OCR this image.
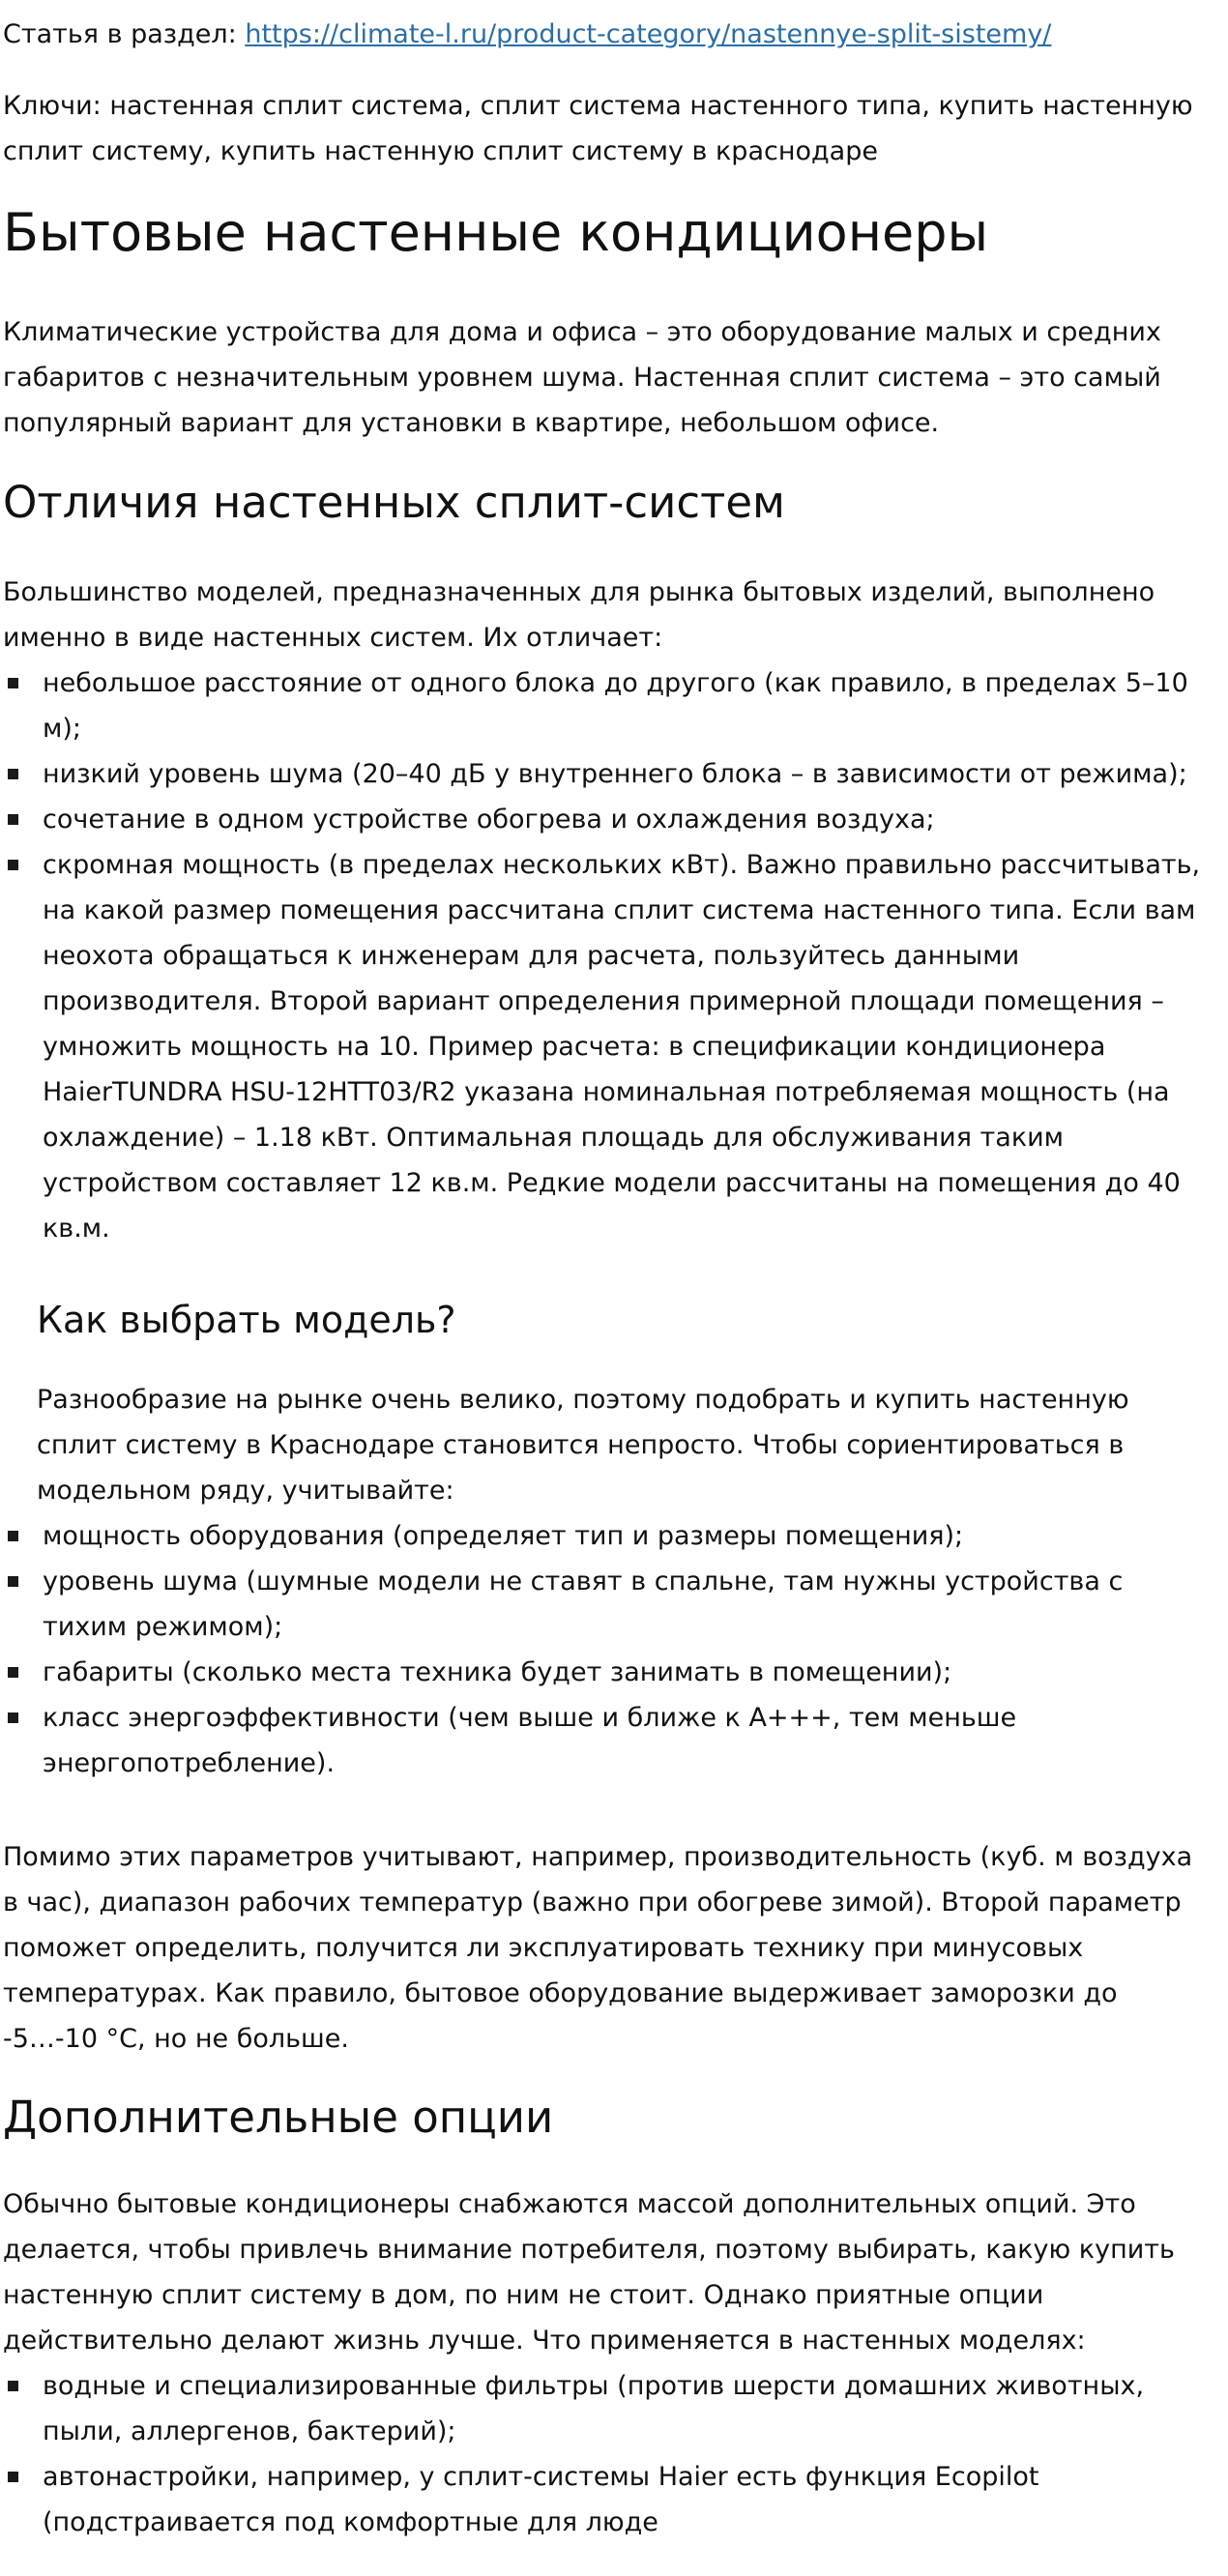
Статья в раздел: https://climate-l.ru/product-category/nastennye-split-sistemy/

Ключи: настенная сплит система, сплит система настенного типа, купить настенную сплит систему, купить настенную сплит систему в краснодаре

Бытовые настенные кондиционеры

Климатические устройства для дома и офиса – это оборудование малых и средних габаритов с незначительным уровнем шума. Настенная сплит система – это самый популярный вариант для установки в квартире, небольшом офисе.

Отличия настенных сплит-систем

Большинство моделей, предназначенных для рынка бытовых изделий, выполнено именно в виде настенных систем. Их отличает:

небольшое расстояние от одного блока до другого (как правило, в пределах 5–10 м);
низкий уровень шума (20–40 дБ у внутреннего блока – в зависимости от режима);
сочетание в одном устройстве обогрева и охлаждения воздуха;
скромная мощность (в пределах нескольких кВт). Важно правильно рассчитывать, на какой размер помещения рассчитана сплит система настенного типа. Если вам неохота обращаться к инженерам для расчета, пользуйтесь данными производителя. Второй вариант определения примерной площади помещения – умножить мощность на 10. Пример расчета: в спецификации кондиционера HaierTUNDRA HSU-12HTT03/R2 указана номинальная потребляемая мощность (на охлаждение) – 1.18 кВт. Оптимальная площадь для обслуживания таким устройством составляет 12 кв.м. Редкие модели рассчитаны на помещения до 40 кв.м.
Как выбрать модель?

Разнообразие на рынке очень велико, поэтому подобрать и купить настенную сплит систему в Краснодаре становится непросто. Чтобы сориентироваться в модельном ряду, учитывайте:

мощность оборудования (определяет тип и размеры помещения);
уровень шума (шумные модели не ставят в спальне, там нужны устройства с тихим режимом);
габариты (сколько места техника будет занимать в помещении);
класс энергоэффективности (чем выше и ближе к А+++, тем меньше энергопотребление).

Помимо этих параметров учитывают, например, производительность (куб. м воздуха в час), диапазон рабочих температур (важно при обогреве зимой). Второй параметр поможет определить, получится ли эксплуатировать технику при минусовых температурах. Как правило, бытовое оборудование выдерживает заморозки до -5…-10 °C, но не больше.

Дополнительные опции

Обычно бытовые кондиционеры снабжаются массой дополнительных опций. Это делается, чтобы привлечь внимание потребителя, поэтому выбирать, какую купить настенную сплит систему в дом, по ним не стоит. Однако приятные опции действительно делают жизнь лучше. Что применяется в настенных моделях:

водные и специализированные фильтры (против шерсти домашних животных, пыли, аллергенов, бактерий);
автонастройки, например, у сплит-системы Haier есть функция Ecopilot (подстраивается под комфортные для люде
